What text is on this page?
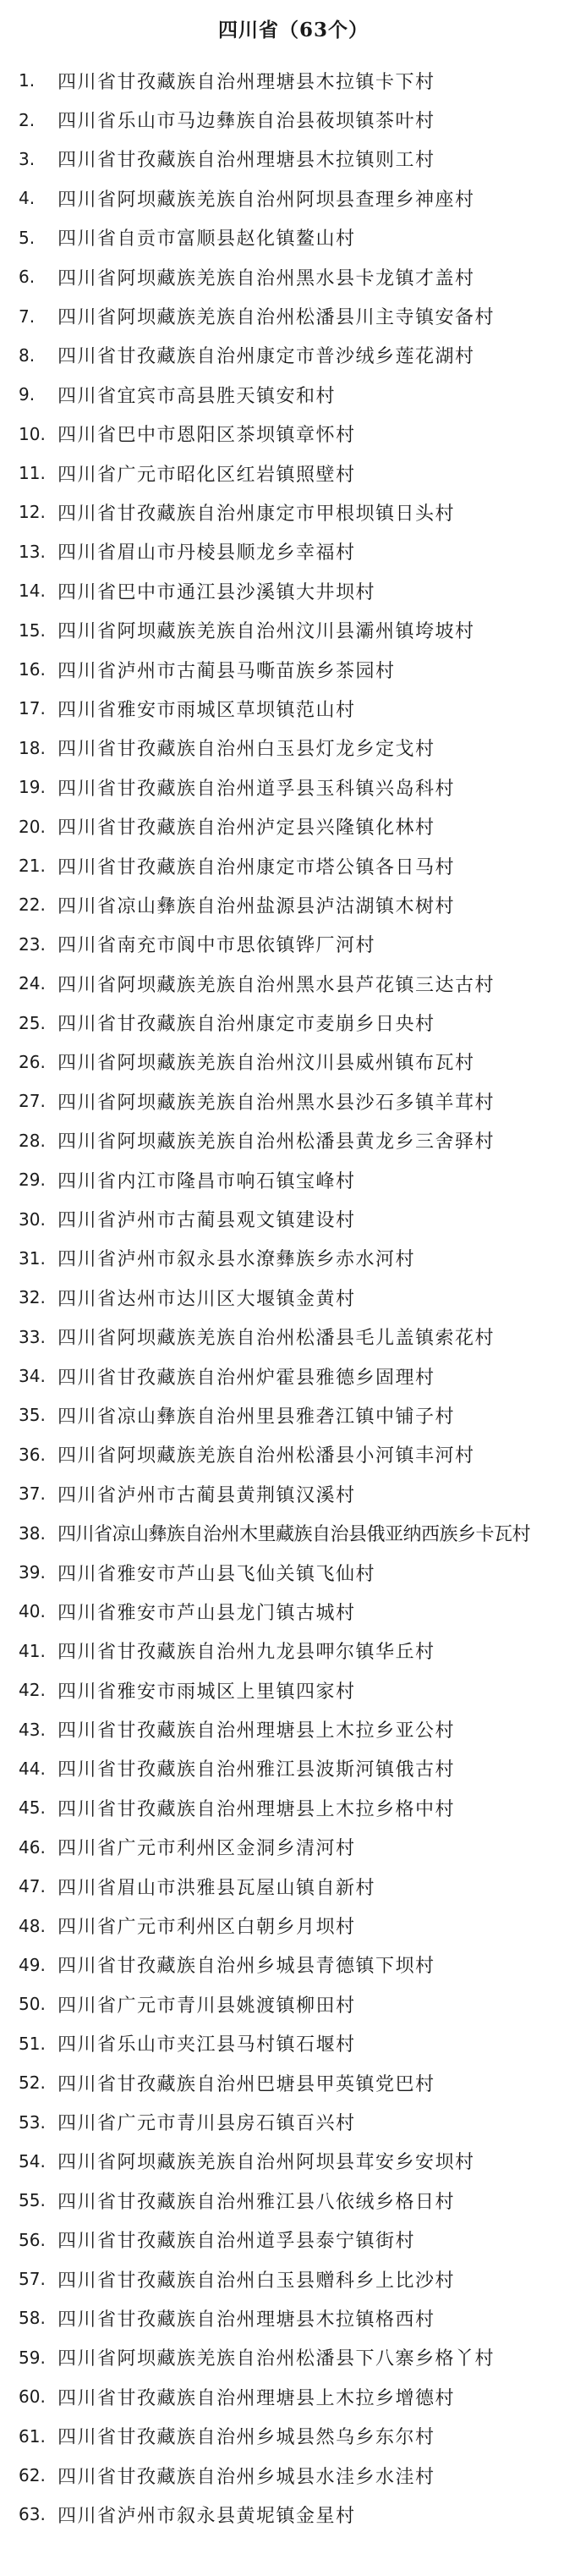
四川省（63个）
1.	四川省甘孜藏族自治州理塘县木拉镇卡下村
2.	四川省乐山市马边彝族自治县莜坝镇茶叶村
3.	四川省甘孜藏族自治州理塘县木拉镇则工村
4.	四川省阿坝藏族羌族自治州阿坝县查理乡神座村
5.	四川省自贡市富顺县赵化镇鳌山村
6.	四川省阿坝藏族羌族自治州黑水县卡龙镇才盖村
7.	四川省阿坝藏族羌族自治州松潘县川主寺镇安备村
8.	四川省甘孜藏族自治州康定市普沙绒乡莲花湖村
9.	四川省宜宾市高县胜天镇安和村
10. 四川省巴中市恩阳区茶坝镇章怀村
11. 四川省广元市昭化区红岩镇照壁村
12. 四川省甘孜藏族自治州康定市甲根坝镇日头村
13. 四川省眉山市丹棱县顺龙乡幸福村
14. 四川省巴中市通江县沙溪镇大井坝村
15. 四川省阿坝藏族羌族自治州汶川县灞州镇垮坡村
16. 四川省泸州市古蔺县马嘶苗族乡茶园村
17. 四川省雅安市雨城区草坝镇范山村
18. 四川省甘孜藏族自治州白玉县灯龙乡定戈村
19. 四川省甘孜藏族自治州道孚县玉科镇兴岛科村
20. 四川省甘孜藏族自治州泸定县兴隆镇化林村
21. 四川省甘孜藏族自治州康定市塔公镇各日马村
22. 四川省凉山彝族自治州盐源县泸沽湖镇木树村
23. 四川省南充市阆中市思依镇铧厂河村
24. 四川省阿坝藏族羌族自治州黑水县芦花镇三达古村
25. 四川省甘孜藏族自治州康定市麦崩乡日央村
26. 四川省阿坝藏族羌族自治州汶川县威州镇布瓦村
27. 四川省阿坝藏族羌族自治州黑水县沙石多镇羊茸村
28. 四川省阿坝藏族羌族自治州松潘县黄龙乡三舍驿村
29. 四川省内江市隆昌市响石镇宝峰村
30. 四川省泸州市古蔺县观文镇建设村
31. 四川省泸州市叙永县水潦彝族乡赤水河村
32. 四川省达州市达川区大堰镇金黄村
33. 四川省阿坝藏族羌族自治州松潘县毛儿盖镇索花村
34. 四川省甘孜藏族自治州炉霍县雅德乡固理村
35. 四川省凉山彝族自治州里县雅砻江镇中铺子村
36. 四川省阿坝藏族羌族自治州松潘县小河镇丰河村
37. 四川省泸州市古蔺县黄荆镇汉溪村
38. 四川省凉山彝族自治州木里藏族自治县俄亚纳西族乡卡瓦村
39. 四川省雅安市芦山县飞仙关镇飞仙村
40. 四川省雅安市芦山县龙门镇古城村
41. 四川省甘孜藏族自治州九龙县呷尔镇华丘村
42. 四川省雅安市雨城区上里镇四家村
43. 四川省甘孜藏族自治州理塘县上木拉乡亚公村
44. 四川省甘孜藏族自治州雅江县波斯河镇俄古村
45. 四川省甘孜藏族自治州理塘县上木拉乡格中村
46. 四川省广元市利州区金洞乡清河村
47. 四川省眉山市洪雅县瓦屋山镇自新村
48. 四川省广元市利州区白朝乡月坝村
49. 四川省甘孜藏族自治州乡城县青德镇下坝村
50. 四川省广元市青川县姚渡镇柳田村
51. 四川省乐山市夹江县马村镇石堰村
52. 四川省甘孜藏族自治州巴塘县甲英镇党巴村
53. 四川省广元市青川县房石镇百兴村
54. 四川省阿坝藏族羌族自治州阿坝县茸安乡安坝村
55. 四川省甘孜藏族自治州雅江县八依绒乡格日村
56. 四川省甘孜藏族自治州道孚县泰宁镇街村
57. 四川省甘孜藏族自治州白玉县赠科乡上比沙村
58. 四川省甘孜藏族自治州理塘县木拉镇格西村
59. 四川省阿坝藏族羌族自治州松潘县下八寨乡格丫村
60. 四川省甘孜藏族自治州理塘县上木拉乡增德村
61. 四川省甘孜藏族自治州乡城县然乌乡东尔村
62. 四川省甘孜藏族自治州乡城县水洼乡水洼村
63. 四川省泸州市叙永县黄坭镇金星村
